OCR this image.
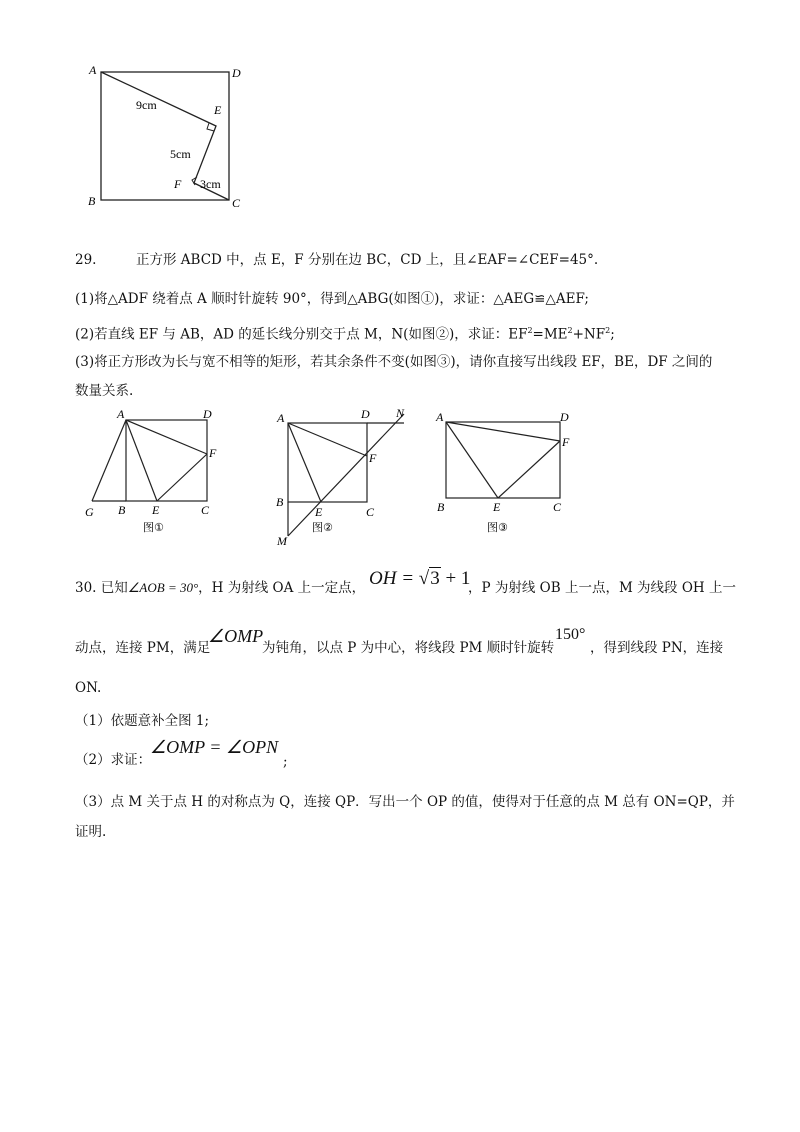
A	D
B	C
E
F
9cm
5cm
3cm
29.	正方形 ABCD 中，点 E，F 分别在边 BC，CD 上，且∠EAF=∠CEF=45°.
(1)将△ADF 绕着点 A 顺时针旋转 90°，得到△ABG(如图①)，求证：△AEG≌△AEF;
(2)若直线 EF 与 AB，AD 的延长线分别交于点 M，N(如图②)，求证：$EF^2=ME^2+NF^2$;
(3)将正方形改为长与宽不相等的矩形，若其余条件不变(如图③)，请你直接写出线段 EF，BE，DF 之间的
数量关系.
A	D
F
G B E	C
图①
A	D N
F
B
E	C
M
图②
A	D
F
B	E	C
图③
30. 已知∠AOB = 30°，H 为射线 OA 上一定点， OH = √3 + 1
，P 为射线 OB 上一点，M 为线段 OH 上一
动点，连接 PM，满足
∠OMP
为钝角，以点 P 为中心，将线段 PM 顺时针旋转
150°
，得到线段 PN，连接
ON.
（1）依题意补全图 1;
（2）求证：
∠OMP = ∠OPN
;
（3）点 M 关于点 H 的对称点为 Q，连接 QP．写出一个 OP 的值，使得对于任意的点 M 总有 ON=QP，并
证明.
